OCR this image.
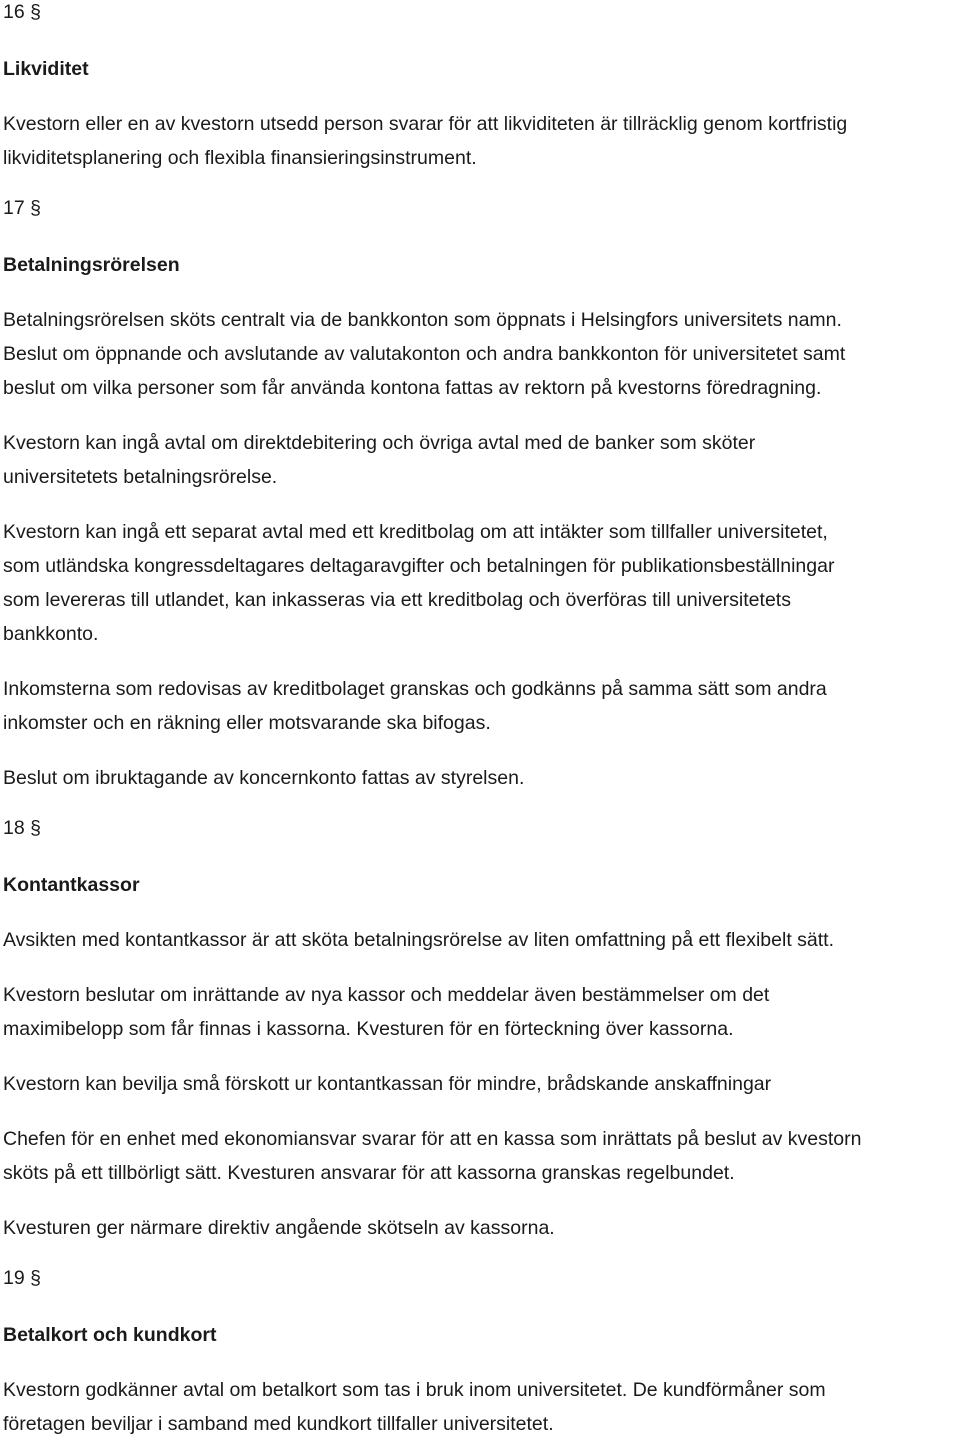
16 §

Likviditet

Kvestorn eller en av kvestorn utsedd person svarar för att likviditeten är tillräcklig genom kortfristig
likviditetsplanering och flexibla finansieringsinstrument.

17 §

Betalningsrörelsen

Betalningsrörelsen sköts centralt via de bankkonton som öppnats i Helsingfors universitets namn.
Beslut om öppnande och avslutande av valutakonton och andra bankkonton för universitetet samt
beslut om vilka personer som får använda kontona fattas av rektorn på kvestorns föredragning.

Kvestorn kan ingå avtal om direktdebitering och övriga avtal med de banker som sköter
universitetets betalningsrörelse.

Kvestorn kan ingå ett separat avtal med ett kreditbolag om att intäkter som tillfaller universitetet,
som utländska kongressdeltagares deltagaravgifter och betalningen för publikationsbeställningar
som levereras till utlandet, kan inkasseras via ett kreditbolag och överföras till universitetets
bankkonto.

Inkomsterna som redovisas av kreditbolaget granskas och godkänns på samma sätt som andra
inkomster och en räkning eller motsvarande ska bifogas.

Beslut om ibruktagande av koncernkonto fattas av styrelsen.

18 §

Kontantkassor

Avsikten med kontantkassor är att sköta betalningsrörelse av liten omfattning på ett flexibelt sätt.

Kvestorn beslutar om inrättande av nya kassor och meddelar även bestämmelser om det
maximibelopp som får finnas i kassorna. Kvesturen för en förteckning över kassorna.

Kvestorn kan bevilja små förskott ur kontantkassan för mindre, brådskande anskaffningar

Chefen för en enhet med ekonomiansvar svarar för att en kassa som inrättats på beslut av kvestorn
sköts på ett tillbörligt sätt. Kvesturen ansvarar för att kassorna granskas regelbundet.

Kvesturen ger närmare direktiv angående skötseln av kassorna.

19 §

Betalkort och kundkort

Kvestorn godkänner avtal om betalkort som tas i bruk inom universitetet. De kundförmåner som
företagen beviljar i samband med kundkort tillfaller universitetet.
